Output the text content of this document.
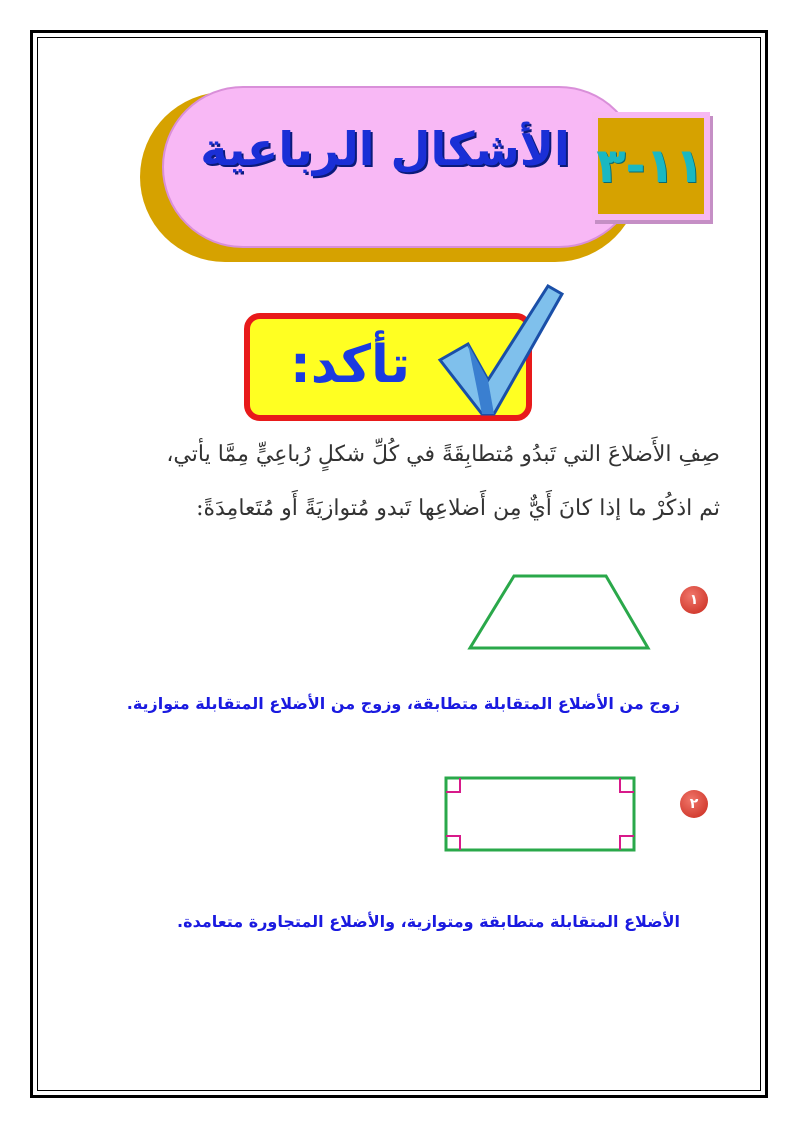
الأشكال الرباعية ١١-٣
تأكد:
صِفِ الأَضلاعَ التي تَبدُو مُتطابِقَةً في كُلِّ شكلٍ رُباعِيٍّ مِمَّا يأتي،
ثم اذكُرْ ما إذا كانَ أَيٌّ مِن أَضلاعِها تَبدو مُتوازيَةً أَو مُتَعامِدَةً:
١
زوج من الأضلاع المتقابلة متطابقة، وزوج من الأضلاع المتقابلة متوازية.
٢
الأضلاع المتقابلة متطابقة ومتوازية، والأضلاع المتجاورة متعامدة.
